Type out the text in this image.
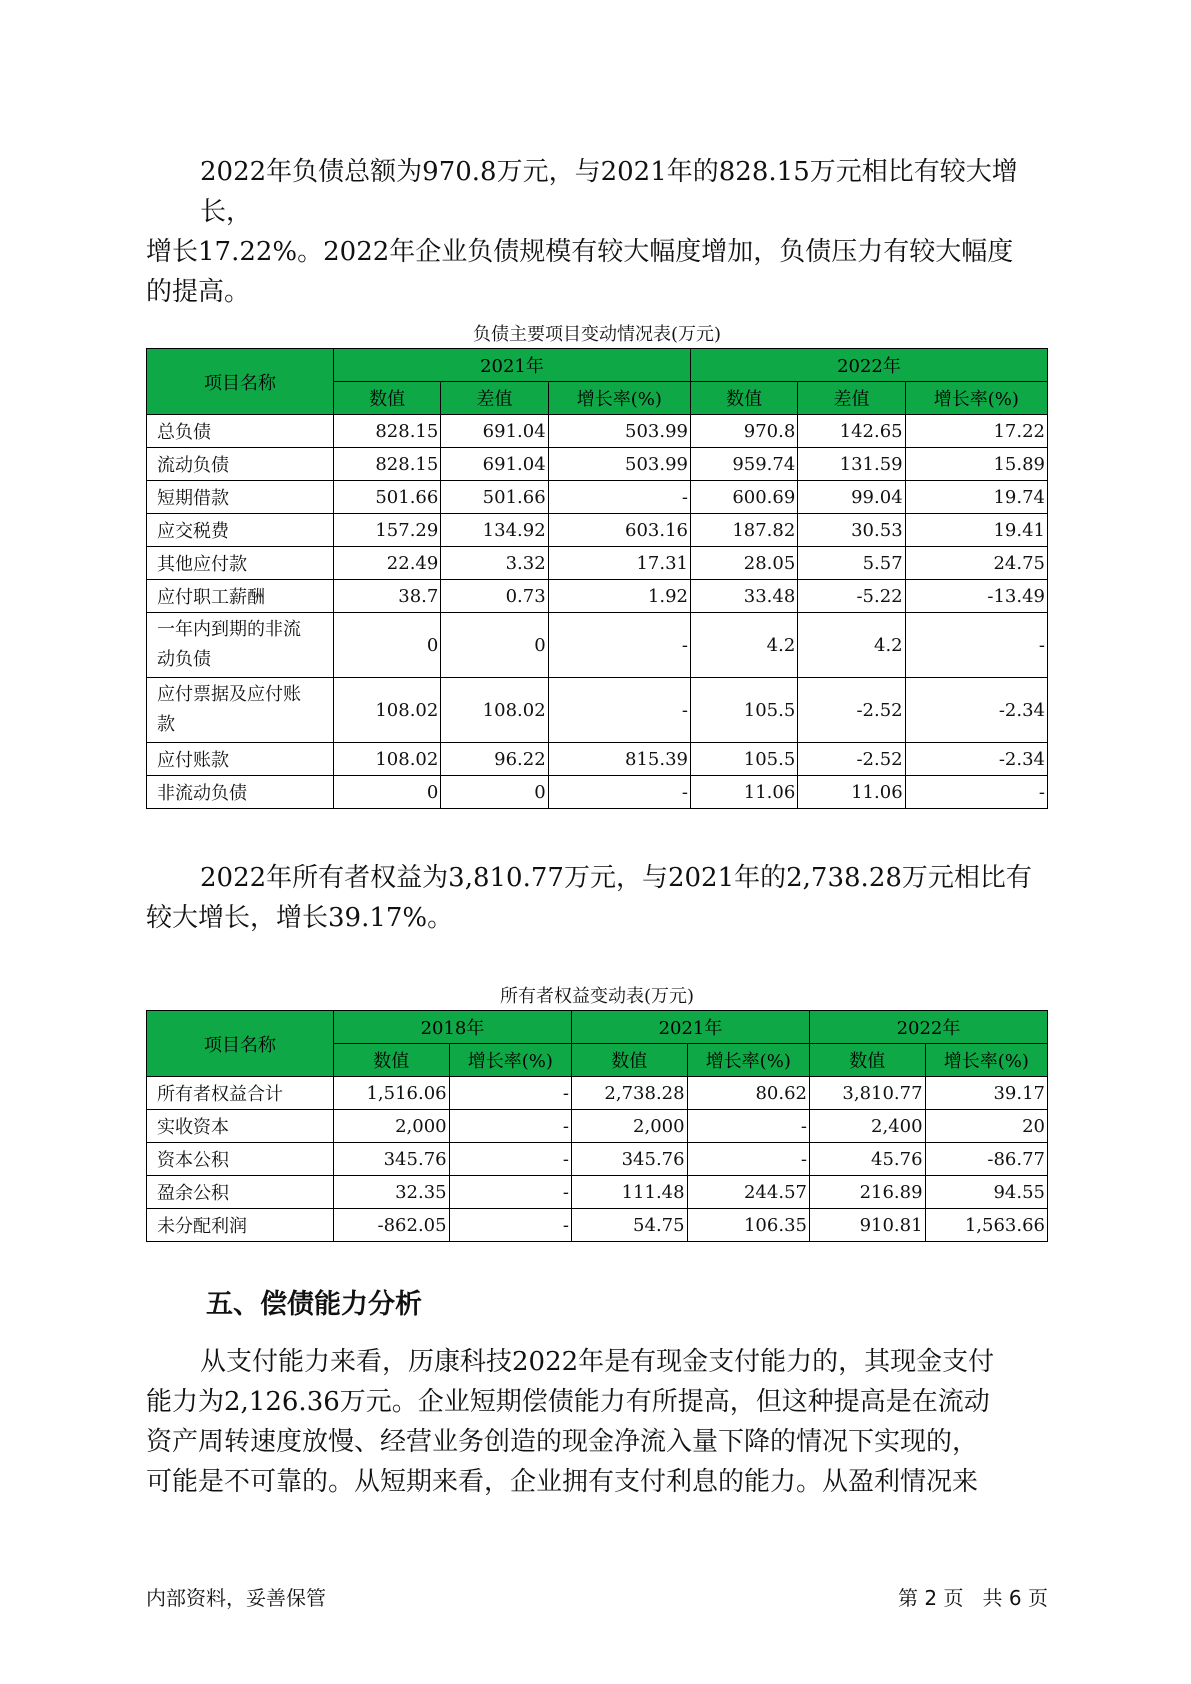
2022年负债总额为970.8万元，与2021年的828.15万元相比有较大增长，

增长17.22%。2022年企业负债规模有较大幅度增加，负债压力有较大幅度

的提高。

负债主要项目变动情况表(万元)
项目名称	2021年			2022年		
	数值	差值	增长率(%)	数值	差值	增长率(%)

总负债	828.15	691.04	503.99	970.8	142.65	17.22

流动负债	828.15	691.04	503.99	959.74	131.59	15.89

短期借款	501.66	501.66	-	600.69	99.04	19.74

应交税费	157.29	134.92	603.16	187.82	30.53	19.41

其他应付款	22.49	3.32	17.31	28.05	5.57	24.75

应付职工薪酬	38.7	0.73	1.92	33.48	-5.22	-13.49

一年内到期的非流
动负债	0	0	-	4.2	4.2	-

应付票据及应付账
款	108.02	108.02	-	105.5	-2.52	-2.34

应付账款	108.02	96.22	815.39	105.5	-2.52	-2.34

非流动负债	0	0	-	11.06	11.06	-

2022年所有者权益为3,810.77万元，与2021年的2,738.28万元相比有

较大增长，增长39.17%。

所有者权益变动表(万元)
项目名称	2018年		2021年		2022年	
	数值	增长率(%)	数值	增长率(%)	数值	增长率(%)

所有者权益合计	1,516.06	-	2,738.28	80.62	3,810.77	39.17

实收资本	2,000	-	2,000	-	2,400	20

资本公积	345.76	-	345.76	-	45.76	-86.77

盈余公积	32.35	-	111.48	244.57	216.89	94.55

未分配利润	-862.05	-	54.75	106.35	910.81	1,563.66
五、偿债能力分析

从支付能力来看，历康科技2022年是有现金支付能力的，其现金支付

能力为2,126.36万元。企业短期偿债能力有所提高，但这种提高是在流动

资产周转速度放慢、经营业务创造的现金净流入量下降的情况下实现的，

可能是不可靠的。从短期来看，企业拥有支付利息的能力。从盈利情况来

内部资料，妥善保管	第 2 页   共 6 页
